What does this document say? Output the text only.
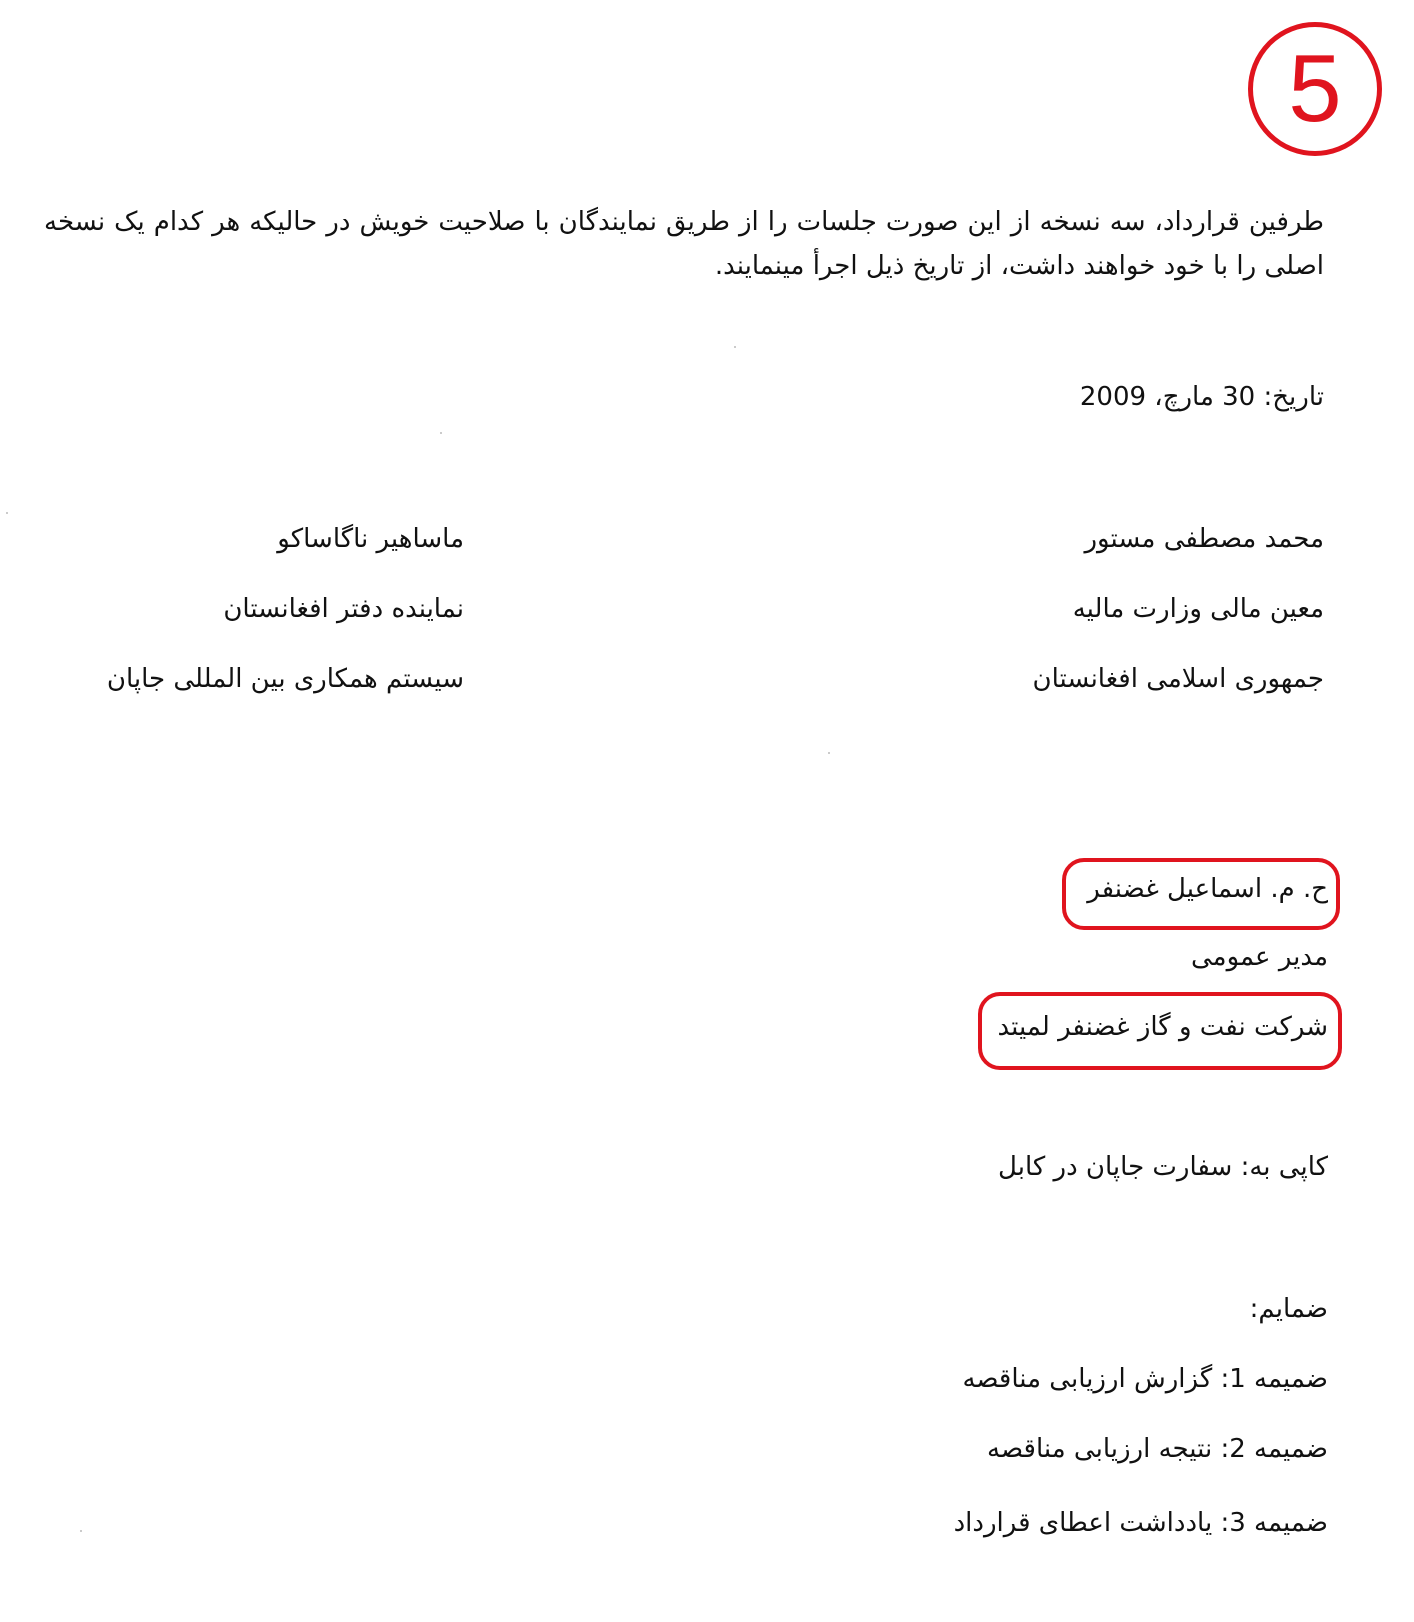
5
طرفین قرارداد، سه نسخه از این صورت جلسات را از طریق نمایندگان با صلاحیت خویش در حالیکه هر کدام یک نسخه اصلی را با خود خواهند داشت، از تاریخ ذیل اجرأ مینمایند.
تاریخ: 30 مارچ، 2009
محمد مصطفی مستور
معین مالی وزارت مالیه
جمهوری اسلامی افغانستان
ماساهیر ناگاساکو
نماینده دفتر افغانستان
سیستم همکاری بین المللی جاپان
ح. م. اسماعیل غضنفر
مدیر عمومی
شرکت نفت و گاز غضنفر لمیتد
کاپی به: سفارت جاپان در کابل
ضمایم:
ضمیمه 1: گزارش ارزیابی مناقصه
ضمیمه 2: نتیجه ارزیابی مناقصه
ضمیمه 3: یادداشت اعطای قرارداد
